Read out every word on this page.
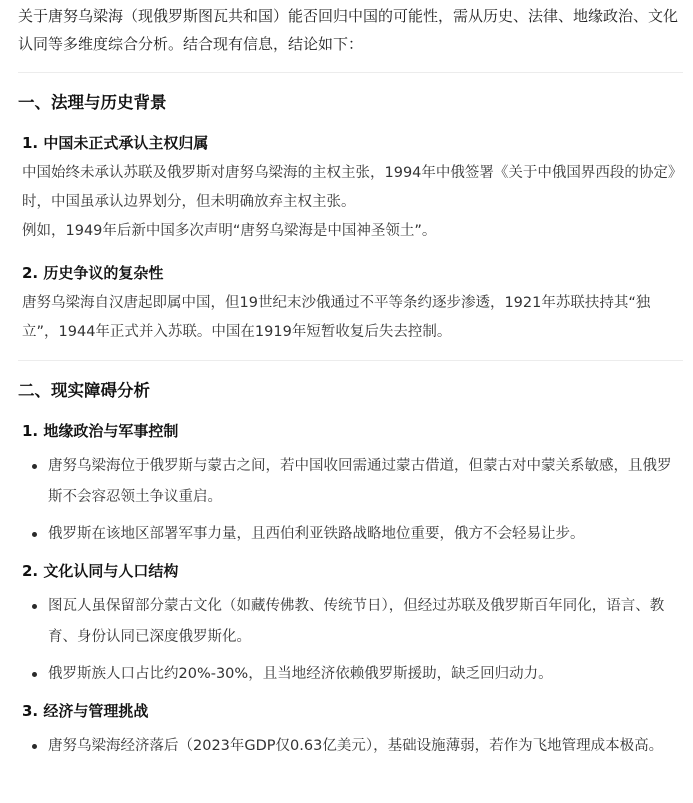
关于唐努乌梁海（现俄罗斯图瓦共和国）能否回归中国的可能性，需从历史、法律、地缘政治、文化认同等多维度综合分析。结合现有信息，结论如下：

一、法理与历史背景
1. 中国未正式承认主权归属

中国始终未承认苏联及俄罗斯对唐努乌梁海的主权主张，1994年中俄签署《关于中俄国界西段的协定》时，中国虽承认边界划分，但未明确放弃主权主张。

例如，1949年后新中国多次声明“唐努乌梁海是中国神圣领土”。

2. 历史争议的复杂性

唐努乌梁海自汉唐起即属中国，但19世纪末沙俄通过不平等条约逐步渗透，1921年苏联扶持其“独立”，1944年正式并入苏联。中国在1919年短暂收复后失去控制。

二、现实障碍分析
1. 地缘政治与军事控制
唐努乌梁海位于俄罗斯与蒙古之间，若中国收回需通过蒙古借道，但蒙古对中蒙关系敏感，且俄罗斯不会容忍领土争议重启。
俄罗斯在该地区部署军事力量，且西伯利亚铁路战略地位重要，俄方不会轻易让步。
2. 文化认同与人口结构
图瓦人虽保留部分蒙古文化（如藏传佛教、传统节日），但经过苏联及俄罗斯百年同化，语言、教育、身份认同已深度俄罗斯化。
俄罗斯族人口占比约20%-30%，且当地经济依赖俄罗斯援助，缺乏回归动力。
3. 经济与管理挑战
唐努乌梁海经济落后（2023年GDP仅0.63亿美元），基础设施薄弱，若作为飞地管理成本极高。
